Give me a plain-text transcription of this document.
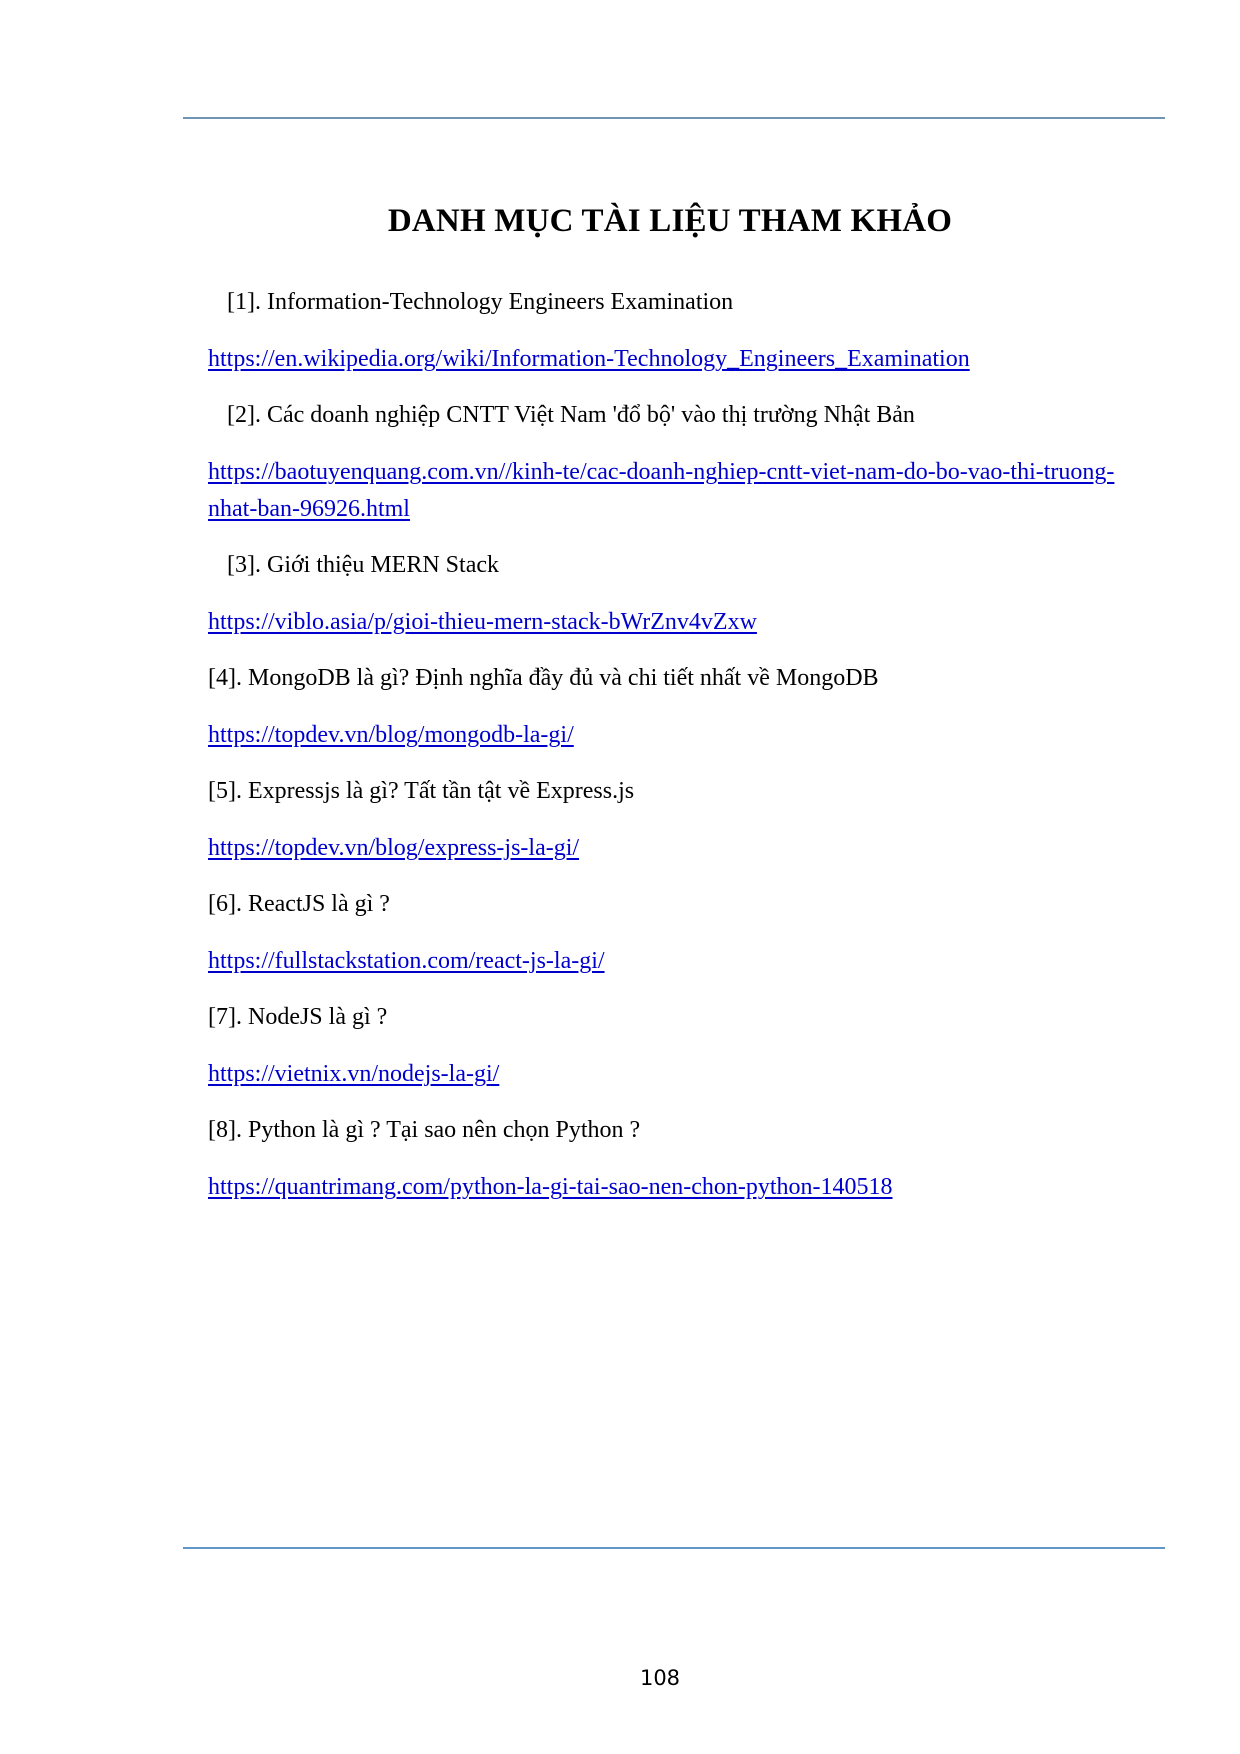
DANH MỤC TÀI LIỆU THAM KHẢO
[1]. Information-Technology Engineers Examination
https://en.wikipedia.org/wiki/Information-Technology_Engineers_Examination
[2]. Các doanh nghiệp CNTT Việt Nam 'đổ bộ' vào thị trường Nhật Bản
https://baotuyenquang.com.vn//kinh-te/cac-doanh-nghiep-cntt-viet-nam-do-bo-vao-thi-truong-nhat-ban-96926.html
[3]. Giới thiệu MERN Stack
https://viblo.asia/p/gioi-thieu-mern-stack-bWrZnv4vZxw
[4]. MongoDB là gì? Định nghĩa đầy đủ và chi tiết nhất về MongoDB
https://topdev.vn/blog/mongodb-la-gi/
[5]. Expressjs là gì? Tất tần tật về Express.js
https://topdev.vn/blog/express-js-la-gi/
[6]. ReactJS là gì ?
https://fullstackstation.com/react-js-la-gi/
[7]. NodeJS là gì ?
https://vietnix.vn/nodejs-la-gi/
[8]. Python là gì ? Tại sao nên chọn Python ?
https://quantrimang.com/python-la-gi-tai-sao-nen-chon-python-140518
108
